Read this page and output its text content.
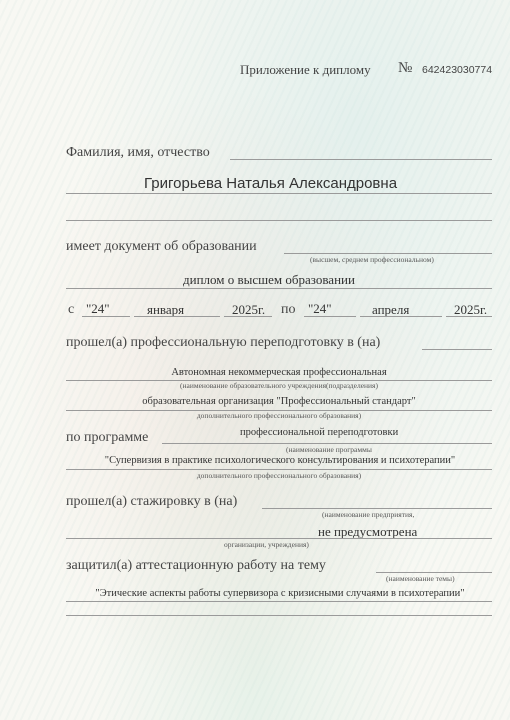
Приложение к диплому № 642423030774
Фамилия, имя, отчество
Григорьева Наталья Александровна
имеет документ об образовании
(высшем, среднем профессиональном)
диплом о высшем образовании
с "24"	января	2025г. по "24"	апреля	2025г.
прошел(а) профессиональную переподготовку в (на)
Автономная некоммерческая профессиональная
(наименование образовательного учреждения(подразделения)
образовательная организация "Профессиональный стандарт"
дополнительного профессионального образования)
по программе	профессиональной переподготовки
(наименование программы
"Супервизия в практике психологического консультирования и психотерапии"
дополнительного профессионального образования)
прошел(а) стажировку в (на)
(наименование предприятия,
не предусмотрена
организации, учреждения)
защитил(а) аттестационную работу на тему
(наименование темы)
"Этические аспекты работы супервизора с кризисными случаями в психотерапии"
